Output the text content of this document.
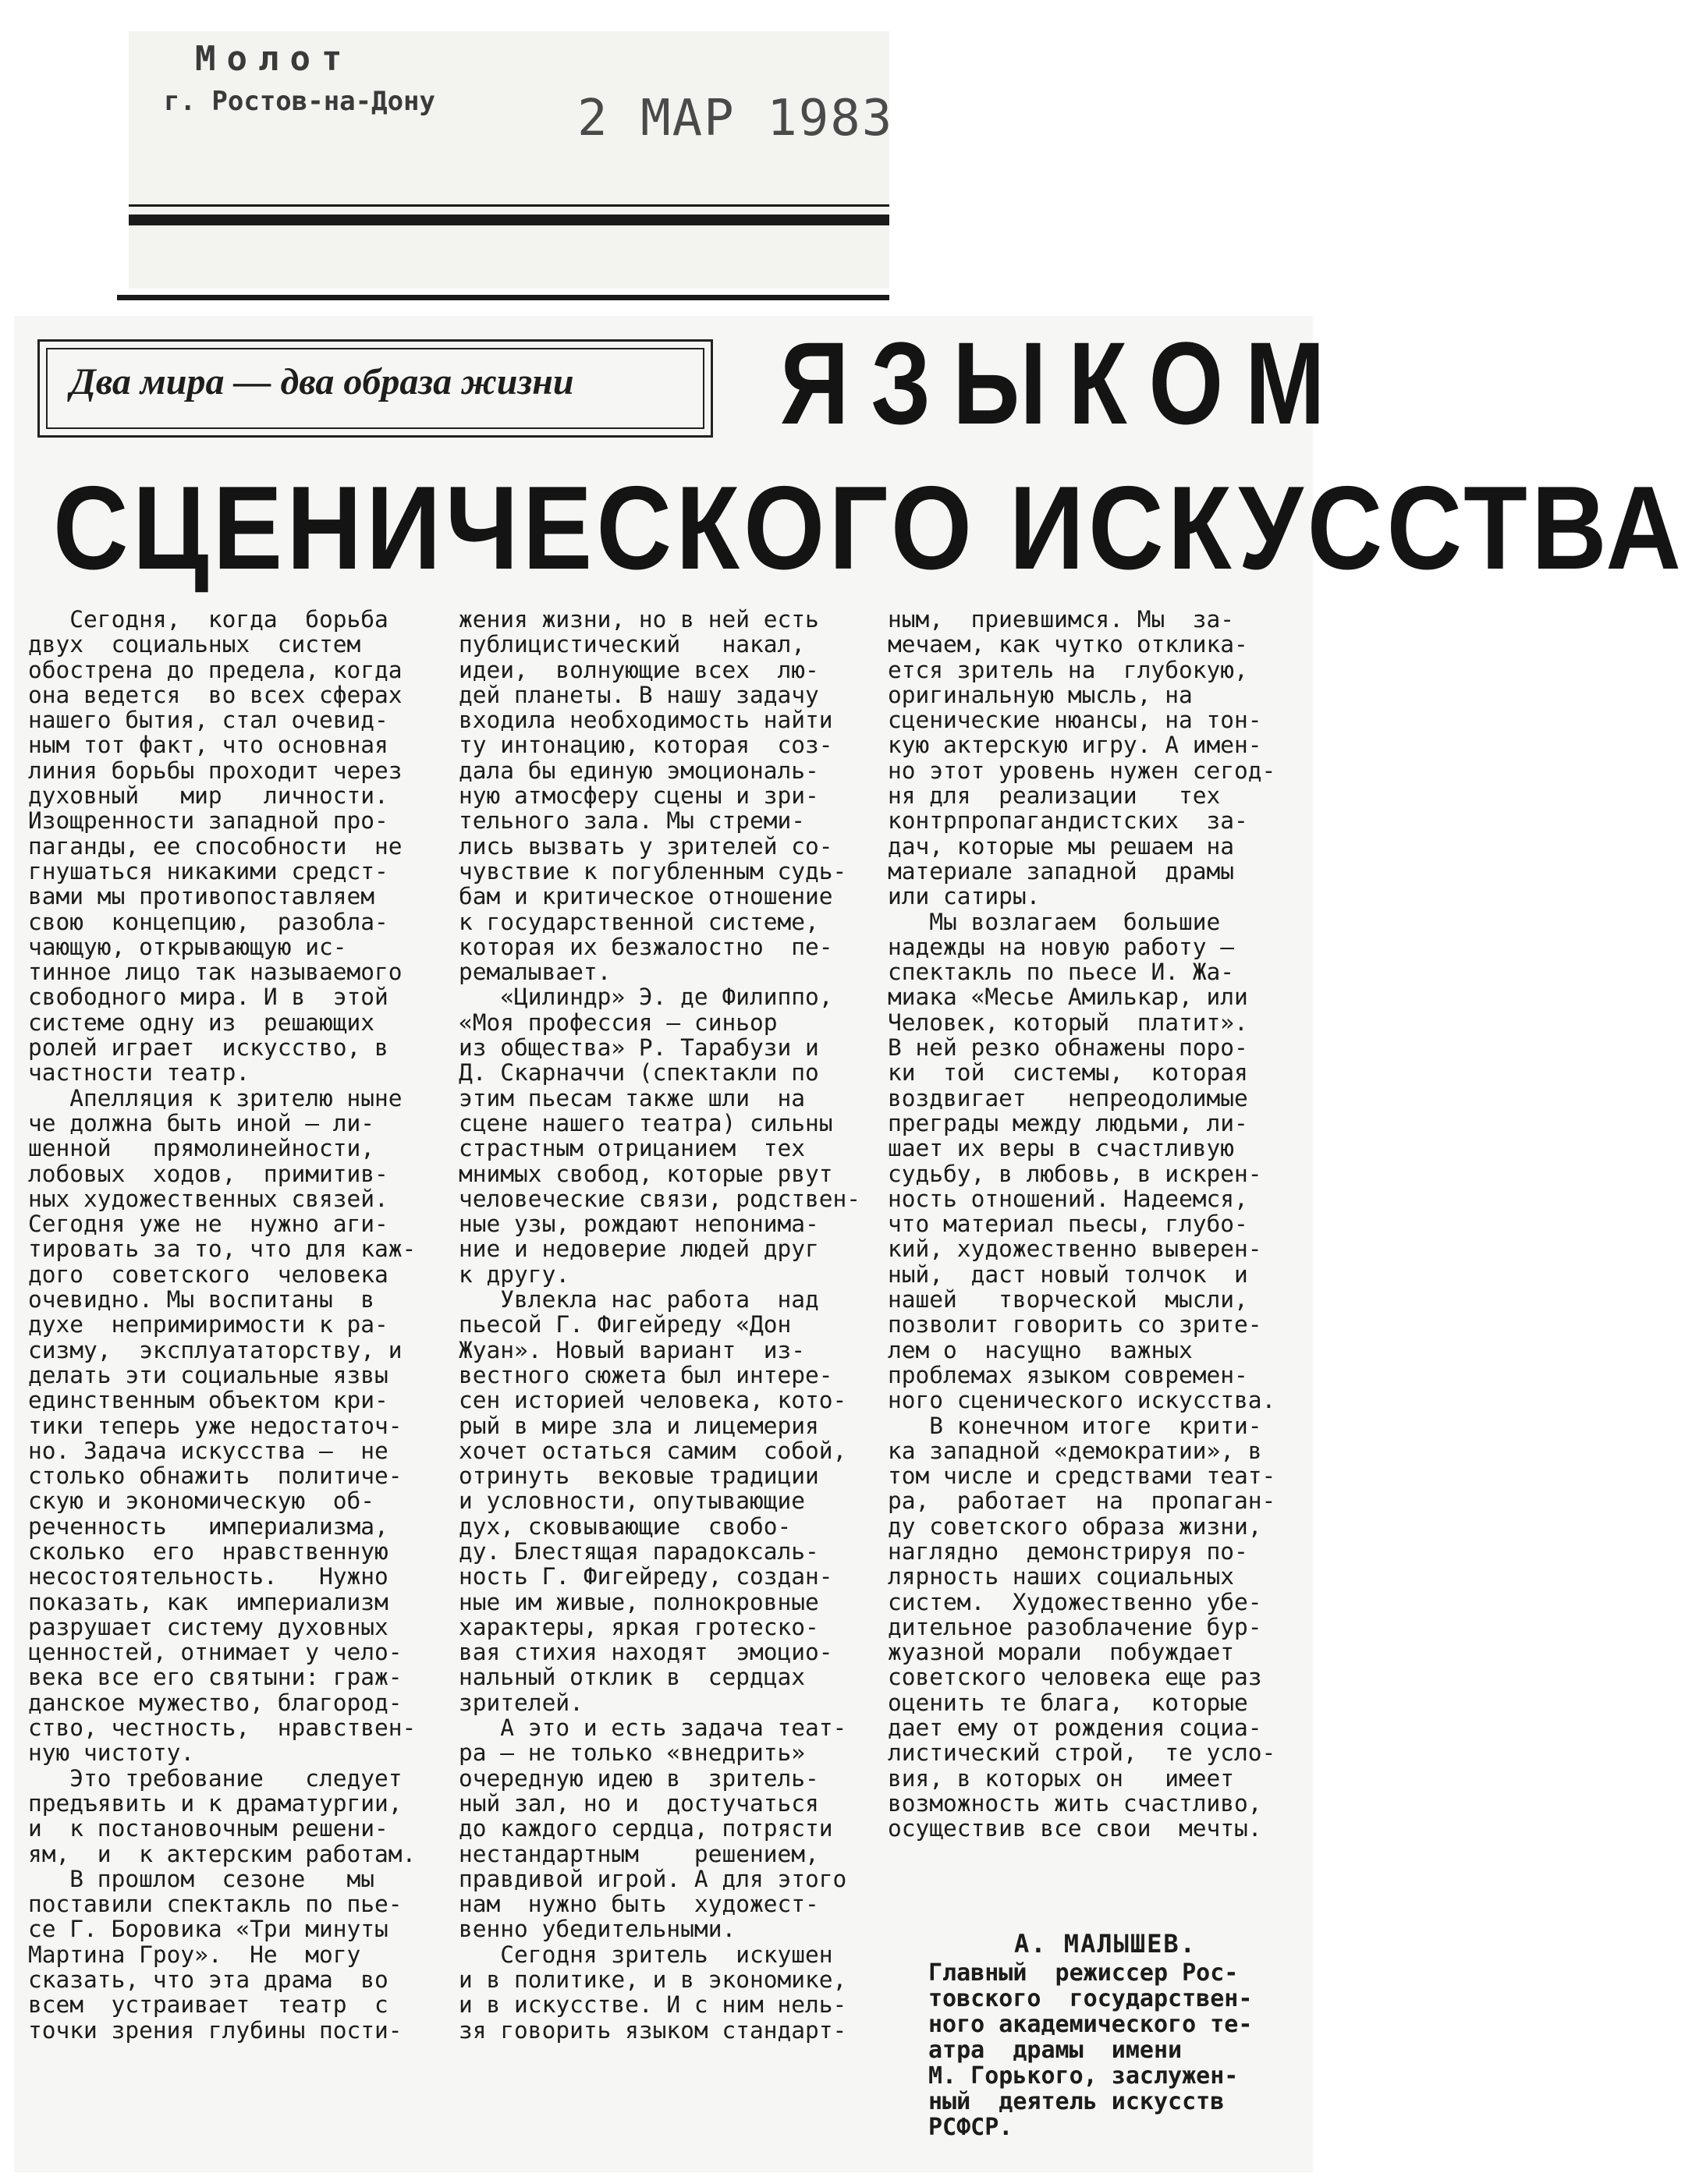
Молот
г. Ростов-на-Дону	2 МАР 1983
Два мира — два образа жизни ЯЗЫКОМ
СЦЕНИЧЕСКОГО ИСКУССТВА
Сегодня,  когда  борьба
двух  социальных  систем
обострена до предела, когда
она ведется  во всех сферах
нашего бытия, стал очевид-
ным тот факт, что основная
линия борьбы проходит через
духовный   мир   личности.
Изощренности западной про-
паганды, ее способности  не
гнушаться никакими средст-
вами мы противопоставляем
свою  концепцию,  разобла-
чающую, открывающую ис-
тинное лицо так называемого
свободного мира. И в  этой
системе одну из  решающих
ролей играет  искусство, в
частности театр.
Апелляция к зрителю ныне
че должна быть иной — ли-
шенной   прямолинейности,
лобовых  ходов,  примитив-
ных художественных связей.
Сегодня уже не  нужно аги-
тировать за то, что для каж-
дого  советского  человека
очевидно. Мы воспитаны  в
духе  непримиримости к ра-
сизму,  эксплуататорству, и
делать эти социальные язвы
единственным объектом кри-
тики теперь уже недостаточ-
но. Задача искусства —  не
столько обнажить  политиче-
скую и экономическую  об-
реченность   империализма,
сколько  его  нравственную
несостоятельность.   Нужно
показать, как  империализм
разрушает систему духовных
ценностей, отнимает у чело-
века все его святыни: граж-
данское мужество, благород-
ство, честность,  нравствен-
ную чистоту.
Это требование   следует
предъявить и к драматургии,
и  к постановочным решени-
ям,  и  к актерским работам.
В прошлом  сезоне   мы
поставили спектакль по пье-
се Г. Боровика «Три минуты
Мартина Гроу».  Не  могу
сказать, что эта драма  во
всем  устраивает  театр  с
точки зрения глубины пости-
жения жизни, но в ней есть
публицистический   накал,
идеи,  волнующие всех  лю-
дей планеты. В нашу задачу
входила необходимость найти
ту интонацию, которая  соз-
дала бы единую эмоциональ-
ную атмосферу сцены и зри-
тельного зала. Мы стреми-
лись вызвать у зрителей со-
чувствие к погубленным судь-
бам и критическое отношение
к государственной системе,
которая их безжалостно  пе-
ремалывает.
«Цилиндр» Э. де Филиппо,
«Моя профессия — синьор
из общества» Р. Тарабузи и
Д. Скарначчи (спектакли по
этим пьесам также шли  на
сцене нашего театра) сильны
страстным отрицанием  тех
мнимых свобод, которые рвут
человеческие связи, родствен-
ные узы, рождают непонима-
ние и недоверие людей друг
к другу.
Увлекла нас работа  над
пьесой Г. Фигейреду «Дон
Жуан». Новый вариант  из-
вестного сюжета был интере-
сен историей человека, кото-
рый в мире зла и лицемерия
хочет остаться самим  собой,
отринуть  вековые традиции
и условности, опутывающие
дух, сковывающие  свобо-
ду. Блестящая парадоксаль-
ность Г. Фигейреду, создан-
ные им живые, полнокровные
характеры, яркая гротеско-
вая стихия находят  эмоцио-
нальный отклик в  сердцах
зрителей.
А это и есть задача теат-
ра — не только «внедрить»
очередную идею в  зритель-
ный зал, но и  достучаться
до каждого сердца, потрясти
нестандартным    решением,
правдивой игрой. А для этого
нам  нужно быть  художест-
венно убедительными.
Сегодня зритель  искушен
и в политике, и в экономике,
и в искусстве. И с ним нель-
зя говорить языком стандарт-
ным,  приевшимся. Мы  за-
мечаем, как чутко отклика-
ется зритель на  глубокую,
оригинальную мысль, на
сценические нюансы, на тон-
кую актерскую игру. А имен-
но этот уровень нужен сегод-
ня для  реализации   тех
контрпропагандистских  за-
дач, которые мы решаем на
материале западной  драмы
или сатиры.
Мы возлагаем  большие
надежды на новую работу —
спектакль по пьесе И. Жа-
миака «Месье Амилькар, или
Человек, который  платит».
В ней резко обнажены поро-
ки  той  системы,  которая
воздвигает   непреодолимые
преграды между людьми, ли-
шает их веры в счастливую
судьбу, в любовь, в искрен-
ность отношений. Надеемся,
что материал пьесы, глубо-
кий, художественно выверен-
ный,  даст новый толчок  и
нашей   творческой  мысли,
позволит говорить со зрите-
лем о  насущно  важных
проблемах языком современ-
ного сценического искусства.
В конечном итоге  крити-
ка западной «демократии», в
том числе и средствами теат-
ра,  работает  на  пропаган-
ду советского образа жизни,
наглядно  демонстрируя по-
лярность наших социальных
систем.  Художественно убе-
дительное разоблачение бур-
жуазной морали  побуждает
советского человека еще раз
оценить те блага,  которые
дает ему от рождения социа-
листический строй,  те усло-
вия, в которых он   имеет
возможность жить счастливо,
осуществив все свои  мечты.
А. МАЛЫШЕВ.
Главный  режиссер Рос-
товского  государствен-
ного академического те-
атра  драмы  имени
М. Горького, заслужен-
ный  деятель искусств
РСФСР.
